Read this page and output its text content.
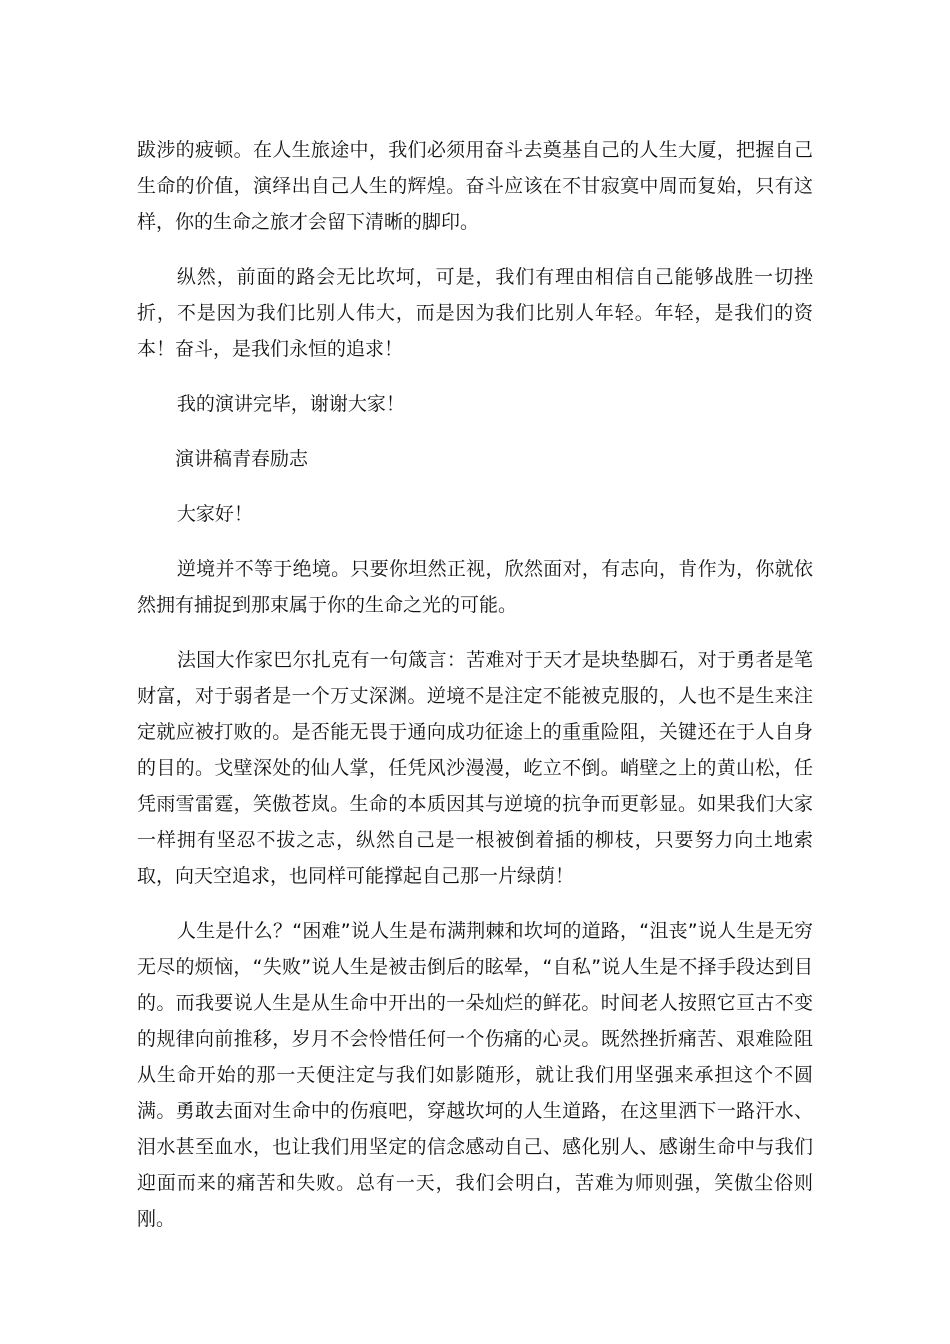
跋涉的疲顿。在人生旅途中，我们必须用奋斗去奠基自己的人生大厦，把握自己生命的价值，演绎出自己人生的辉煌。奋斗应该在不甘寂寞中周而复始，只有这样，你的生命之旅才会留下清晰的脚印。

纵然，前面的路会无比坎坷，可是，我们有理由相信自己能够战胜一切挫折，不是因为我们比别人伟大，而是因为我们比别人年轻。年轻，是我们的资本！奋斗，是我们永恒的追求！

我的演讲完毕，谢谢大家！

演讲稿青春励志

大家好！

逆境并不等于绝境。只要你坦然正视，欣然面对，有志向，肯作为，你就依然拥有捕捉到那束属于你的生命之光的可能。

法国大作家巴尔扎克有一句箴言：苦难对于天才是块垫脚石，对于勇者是笔财富，对于弱者是一个万丈深渊。逆境不是注定不能被克服的，人也不是生来注定就应被打败的。是否能无畏于通向成功征途上的重重险阻，关键还在于人自身的目的。戈壁深处的仙人掌，任凭风沙漫漫，屹立不倒。峭壁之上的黄山松，任凭雨雪雷霆，笑傲苍岚。生命的本质因其与逆境的抗争而更彰显。如果我们大家一样拥有坚忍不拔之志，纵然自己是一根被倒着插的柳枝，只要努力向土地索取，向天空追求，也同样可能撑起自己那一片绿荫！

人生是什么？“困难”说人生是布满荆棘和坎坷的道路，“沮丧”说人生是无穷无尽的烦恼，“失败”说人生是被击倒后的眩晕，“自私”说人生是不择手段达到目的。而我要说人生是从生命中开出的一朵灿烂的鲜花。时间老人按照它亘古不变的规律向前推移，岁月不会怜惜任何一个伤痛的心灵。既然挫折痛苦、艰难险阻从生命开始的那一天便注定与我们如影随形，就让我们用坚强来承担这个不圆满。勇敢去面对生命中的伤痕吧，穿越坎坷的人生道路，在这里洒下一路汗水、泪水甚至血水，也让我们用坚定的信念感动自己、感化别人、感谢生命中与我们迎面而来的痛苦和失败。总有一天，我们会明白，苦难为师则强，笑傲尘俗则刚。
